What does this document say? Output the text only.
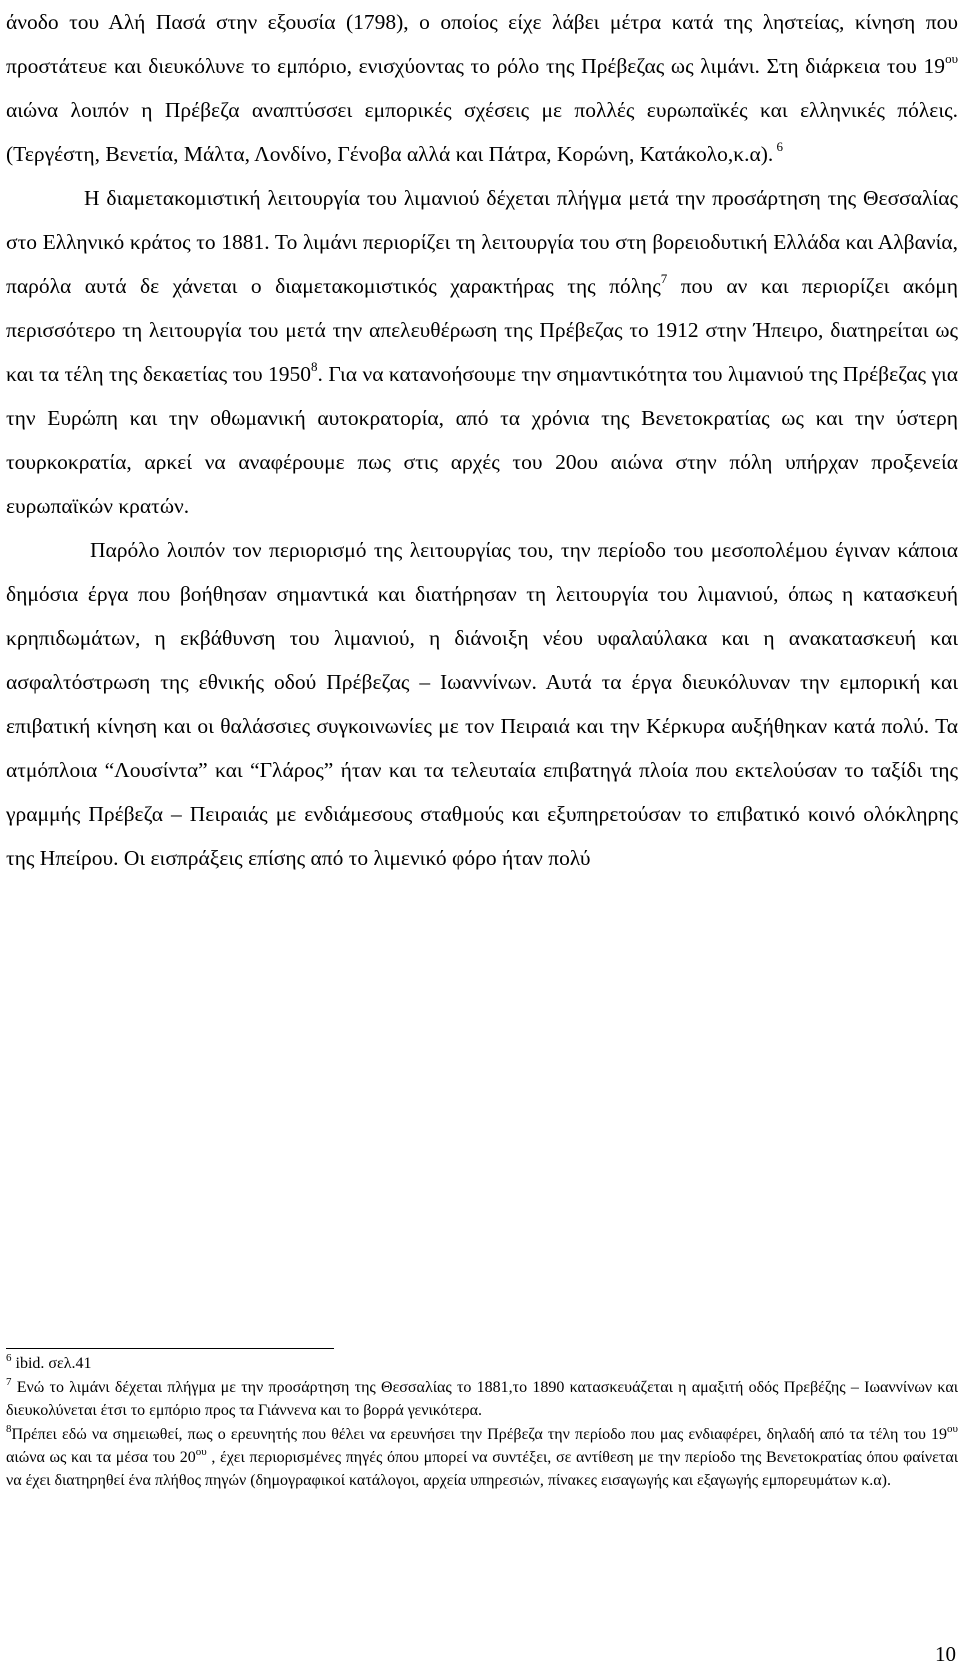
άνοδο του Αλή Πασά στην εξουσία (1798), ο οποίος είχε λάβει μέτρα κατά της ληστείας, κίνηση που προστάτευε και διευκόλυνε το εμπόριο, ενισχύοντας το ρόλο της Πρέβεζας ως λιμάνι. Στη διάρκεια του $19^{o\upsilon}$ αιώνα λοιπόν η Πρέβεζα αναπτύσσει εμπορικές σχέσεις με πολλές ευρωπαϊκές και ελληνικές πόλεις. (Τεργέστη, Βενετία, Μάλτα, Λονδίνο, Γένοβα αλλά και Πάτρα, Κορώνη, Κατάκολο,κ.α). $^6$

Η διαμετακομιστική λειτουργία του λιμανιού δέχεται πλήγμα μετά την προσάρτηση της Θεσσαλίας στο Ελληνικό κράτος το 1881. Το λιμάνι περιορίζει τη λειτουργία του στη βορειοδυτική Ελλάδα και Αλβανία, παρόλα αυτά δε χάνεται ο διαμετακομιστικός χαρακτήρας της πόλης$^7$ που αν και περιορίζει ακόμη περισσότερο τη λειτουργία του μετά την απελευθέρωση της Πρέβεζας το 1912 στην Ήπειρο, διατηρείται ως και τα τέλη της δεκαετίας του 1950$^8$. Για να κατανοήσουμε την σημαντικότητα του λιμανιού της Πρέβεζας για την Ευρώπη και την οθωμανική αυτοκρατορία, από τα χρόνια της Βενετοκρατίας ως και την ύστερη τουρκοκρατία, αρκεί να αναφέρουμε πως στις αρχές του 20ου αιώνα στην πόλη υπήρχαν προξενεία ευρωπαϊκών κρατών.

Παρόλο λοιπόν τον περιορισμό της λειτουργίας του, την περίοδο του μεσοπολέμου έγιναν κάποια δημόσια έργα που βοήθησαν σημαντικά και διατήρησαν τη λειτουργία του λιμανιού, όπως η κατασκευή κρηπιδωμάτων, η εκβάθυνση του λιμανιού, η διάνοιξη νέου υφαλαύλακα και η ανακατασκευή και ασφαλτόστρωση της εθνικής οδού Πρέβεζας – Ιωαννίνων. Αυτά τα έργα διευκόλυναν την εμπορική και επιβατική κίνηση και οι θαλάσσιες συγκοινωνίες με τον Πειραιά και την Κέρκυρα αυξήθηκαν κατά πολύ. Τα ατμόπλοια “Λουσίντα” και “Γλάρος” ήταν και τα τελευταία επιβατηγά πλοία που εκτελούσαν το ταξίδι της γραμμής Πρέβεζα – Πειραιάς με ενδιάμεσους σταθμούς και εξυπηρετούσαν το επιβατικό κοινό ολόκληρης της Ηπείρου. Οι εισπράξεις επίσης από το λιμενικό φόρο ήταν πολύ

$^6$ ibid. σελ.41

$^7$ Ενώ το λιμάνι δέχεται πλήγμα με την προσάρτηση της Θεσσαλίας το 1881,το 1890 κατασκευάζεται η αμαξιτή οδός Πρεβέζης – Ιωαννίνων και διευκολύνεται έτσι το εμπόριο προς τα Γιάννενα και το βορρά γενικότερα.

$^8$Πρέπει εδώ να σημειωθεί, πως ο ερευνητής που θέλει να ερευνήσει την Πρέβεζα την περίοδο που μας ενδιαφέρει, δηλαδή από τα τέλη του $19^{o\upsilon}$ αιώνα ως και τα μέσα του $20^{o\upsilon}$ , έχει περιορισμένες πηγές όπου μπορεί να συντέξει, σε αντίθεση με την περίοδο της Βενετοκρατίας όπου φαίνεται να έχει διατηρηθεί ένα πλήθος πηγών (δημογραφικοί κατάλογοι, αρχεία υπηρεσιών, πίνακες εισαγωγής και εξαγωγής εμπορευμάτων κ.α).

10
